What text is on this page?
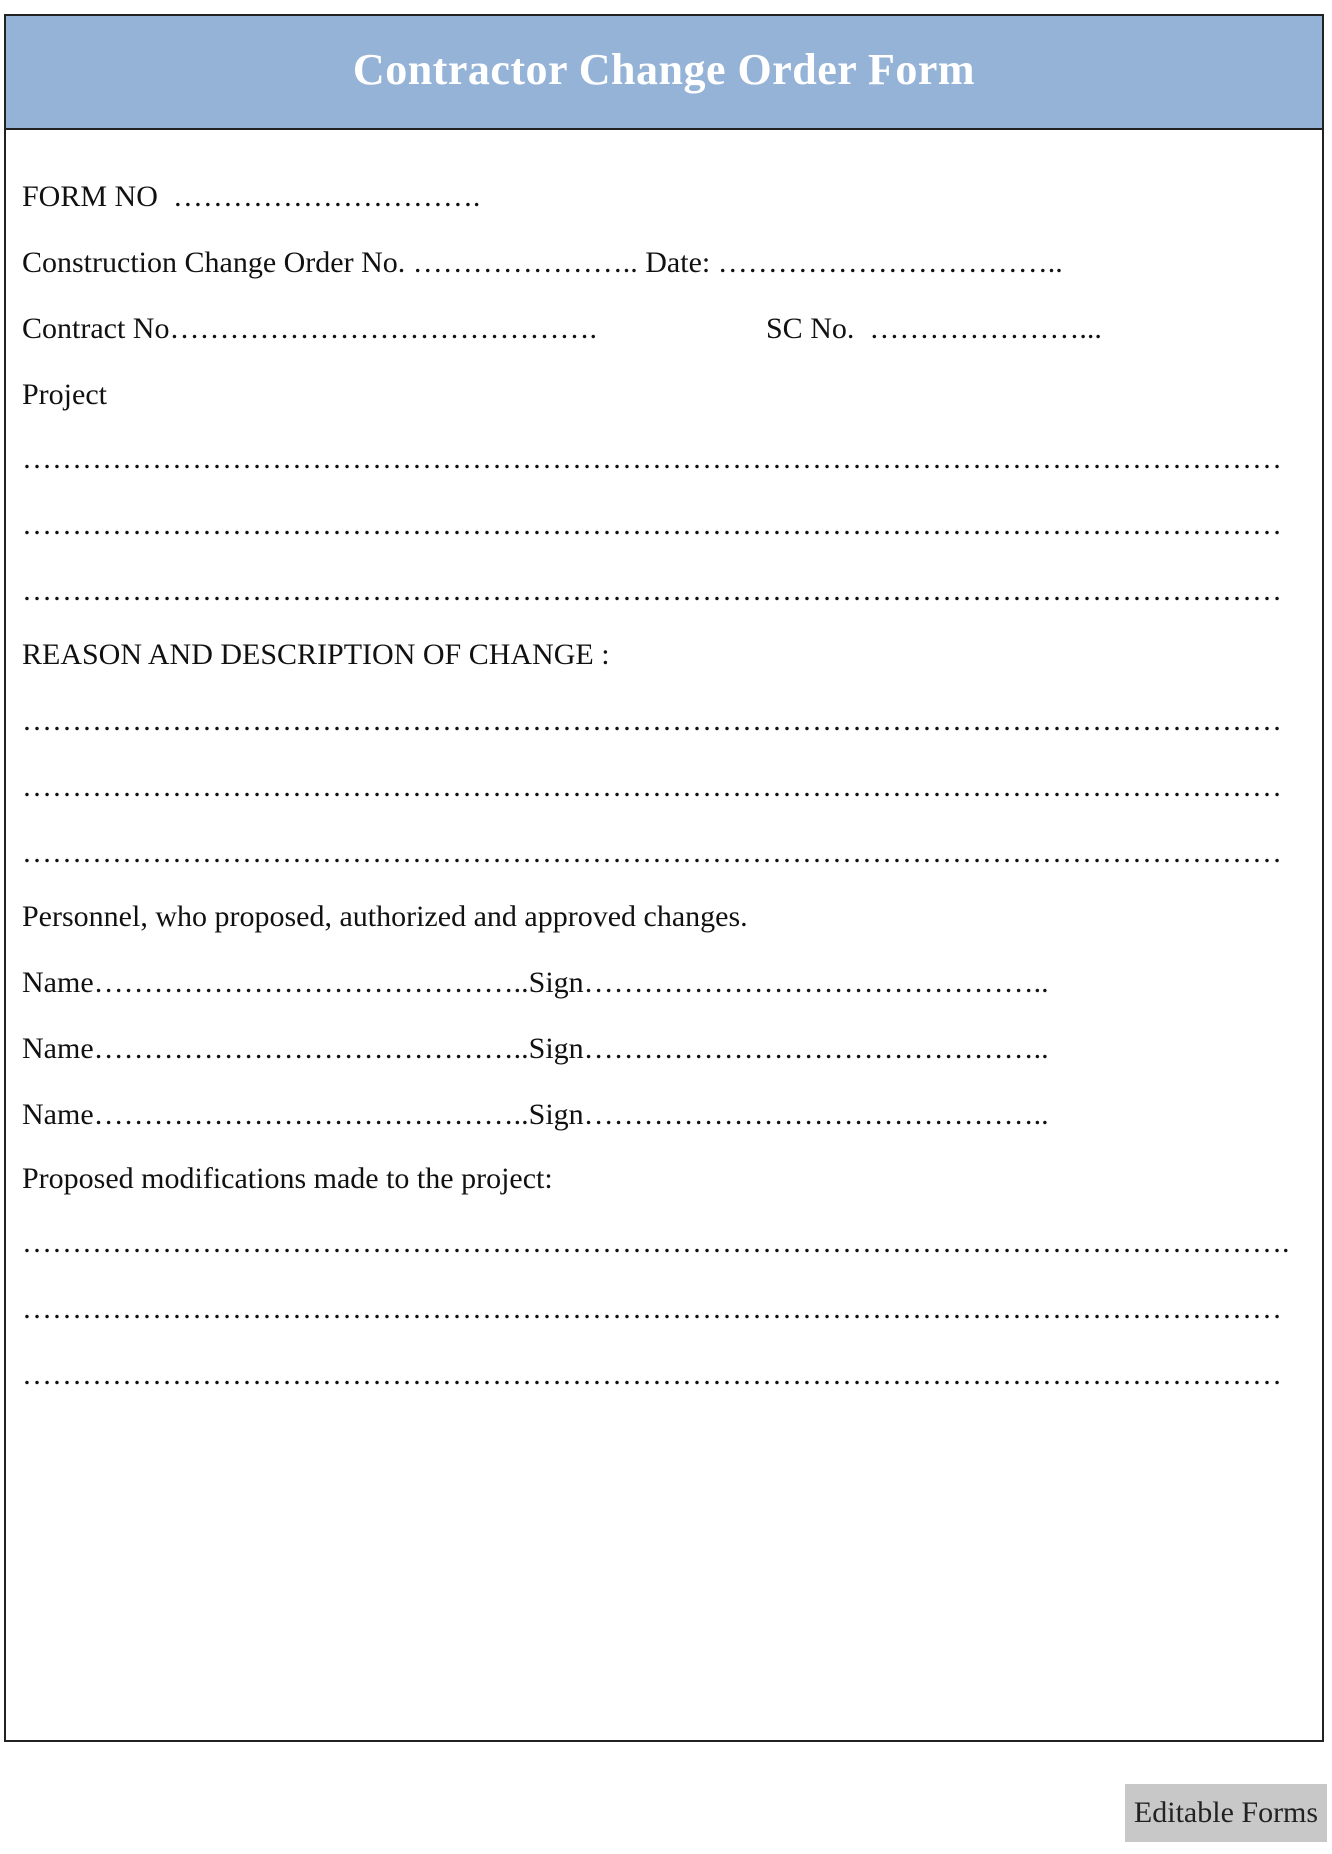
Contractor Change Order Form
FORM NO  ………………………….
Construction Change Order No. ………………….. Date: ……………………………..
Contract No…………………………………….	SC No.  …………………...
Project
………………………………………………………………………………………………………………
………………………………………………………………………………………………………………
………………………………………………………………………………………………………………
REASON AND DESCRIPTION OF CHANGE :
………………………………………………………………………………………………………………
………………………………………………………………………………………………………………
………………………………………………………………………………………………………………
Personnel, who proposed, authorized and approved changes.
Name……………………………………..Sign………………………………………..
Name……………………………………..Sign………………………………………..
Name……………………………………..Sign………………………………………..
Proposed modifications made to the project:
……………………………………………………………………………………………………………….
………………………………………………………………………………………………………………
………………………………………………………………………………………………………………
Editable Forms
